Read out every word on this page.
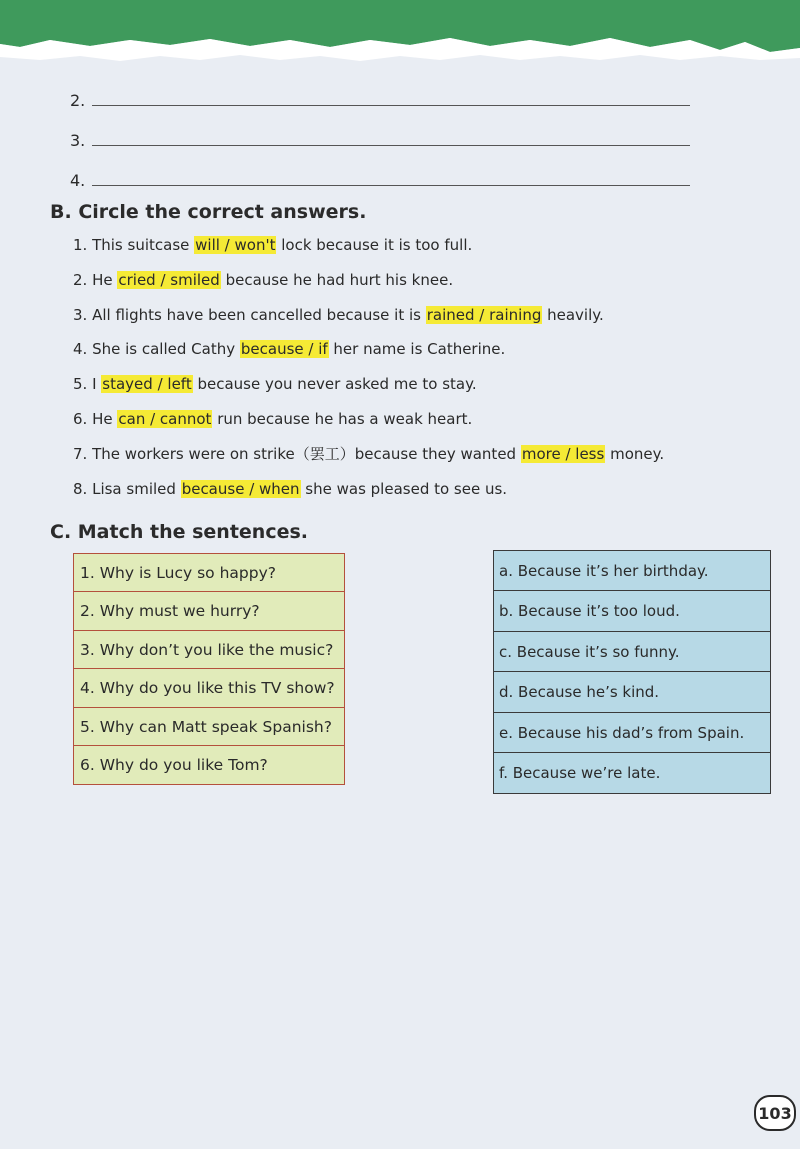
2.
3.
4.
B. Circle the correct answers.
1. This suitcase will / won't lock because it is too full.
2. He cried / smiled because he had hurt his knee.
3. All flights have been cancelled because it is rained / raining heavily.
4. She is called Cathy because / if her name is Catherine.
5. I stayed / left because you never asked me to stay.
6. He can / cannot run because he has a weak heart.
7. The workers were on strike（罢工）because they wanted more / less money.
8. Lisa smiled because / when she was pleased to see us.
C. Match the sentences.
1. Why is Lucy so happy?
2. Why must we hurry?
3. Why don’t you like the music?
4. Why do you like this TV show?
5. Why can Matt speak Spanish?
6. Why do you like Tom?
a. Because it’s her birthday.
b. Because it’s too loud.
c. Because it’s so funny.
d. Because he’s kind.
e. Because his dad’s from Spain.
f. Because we’re late.
103
